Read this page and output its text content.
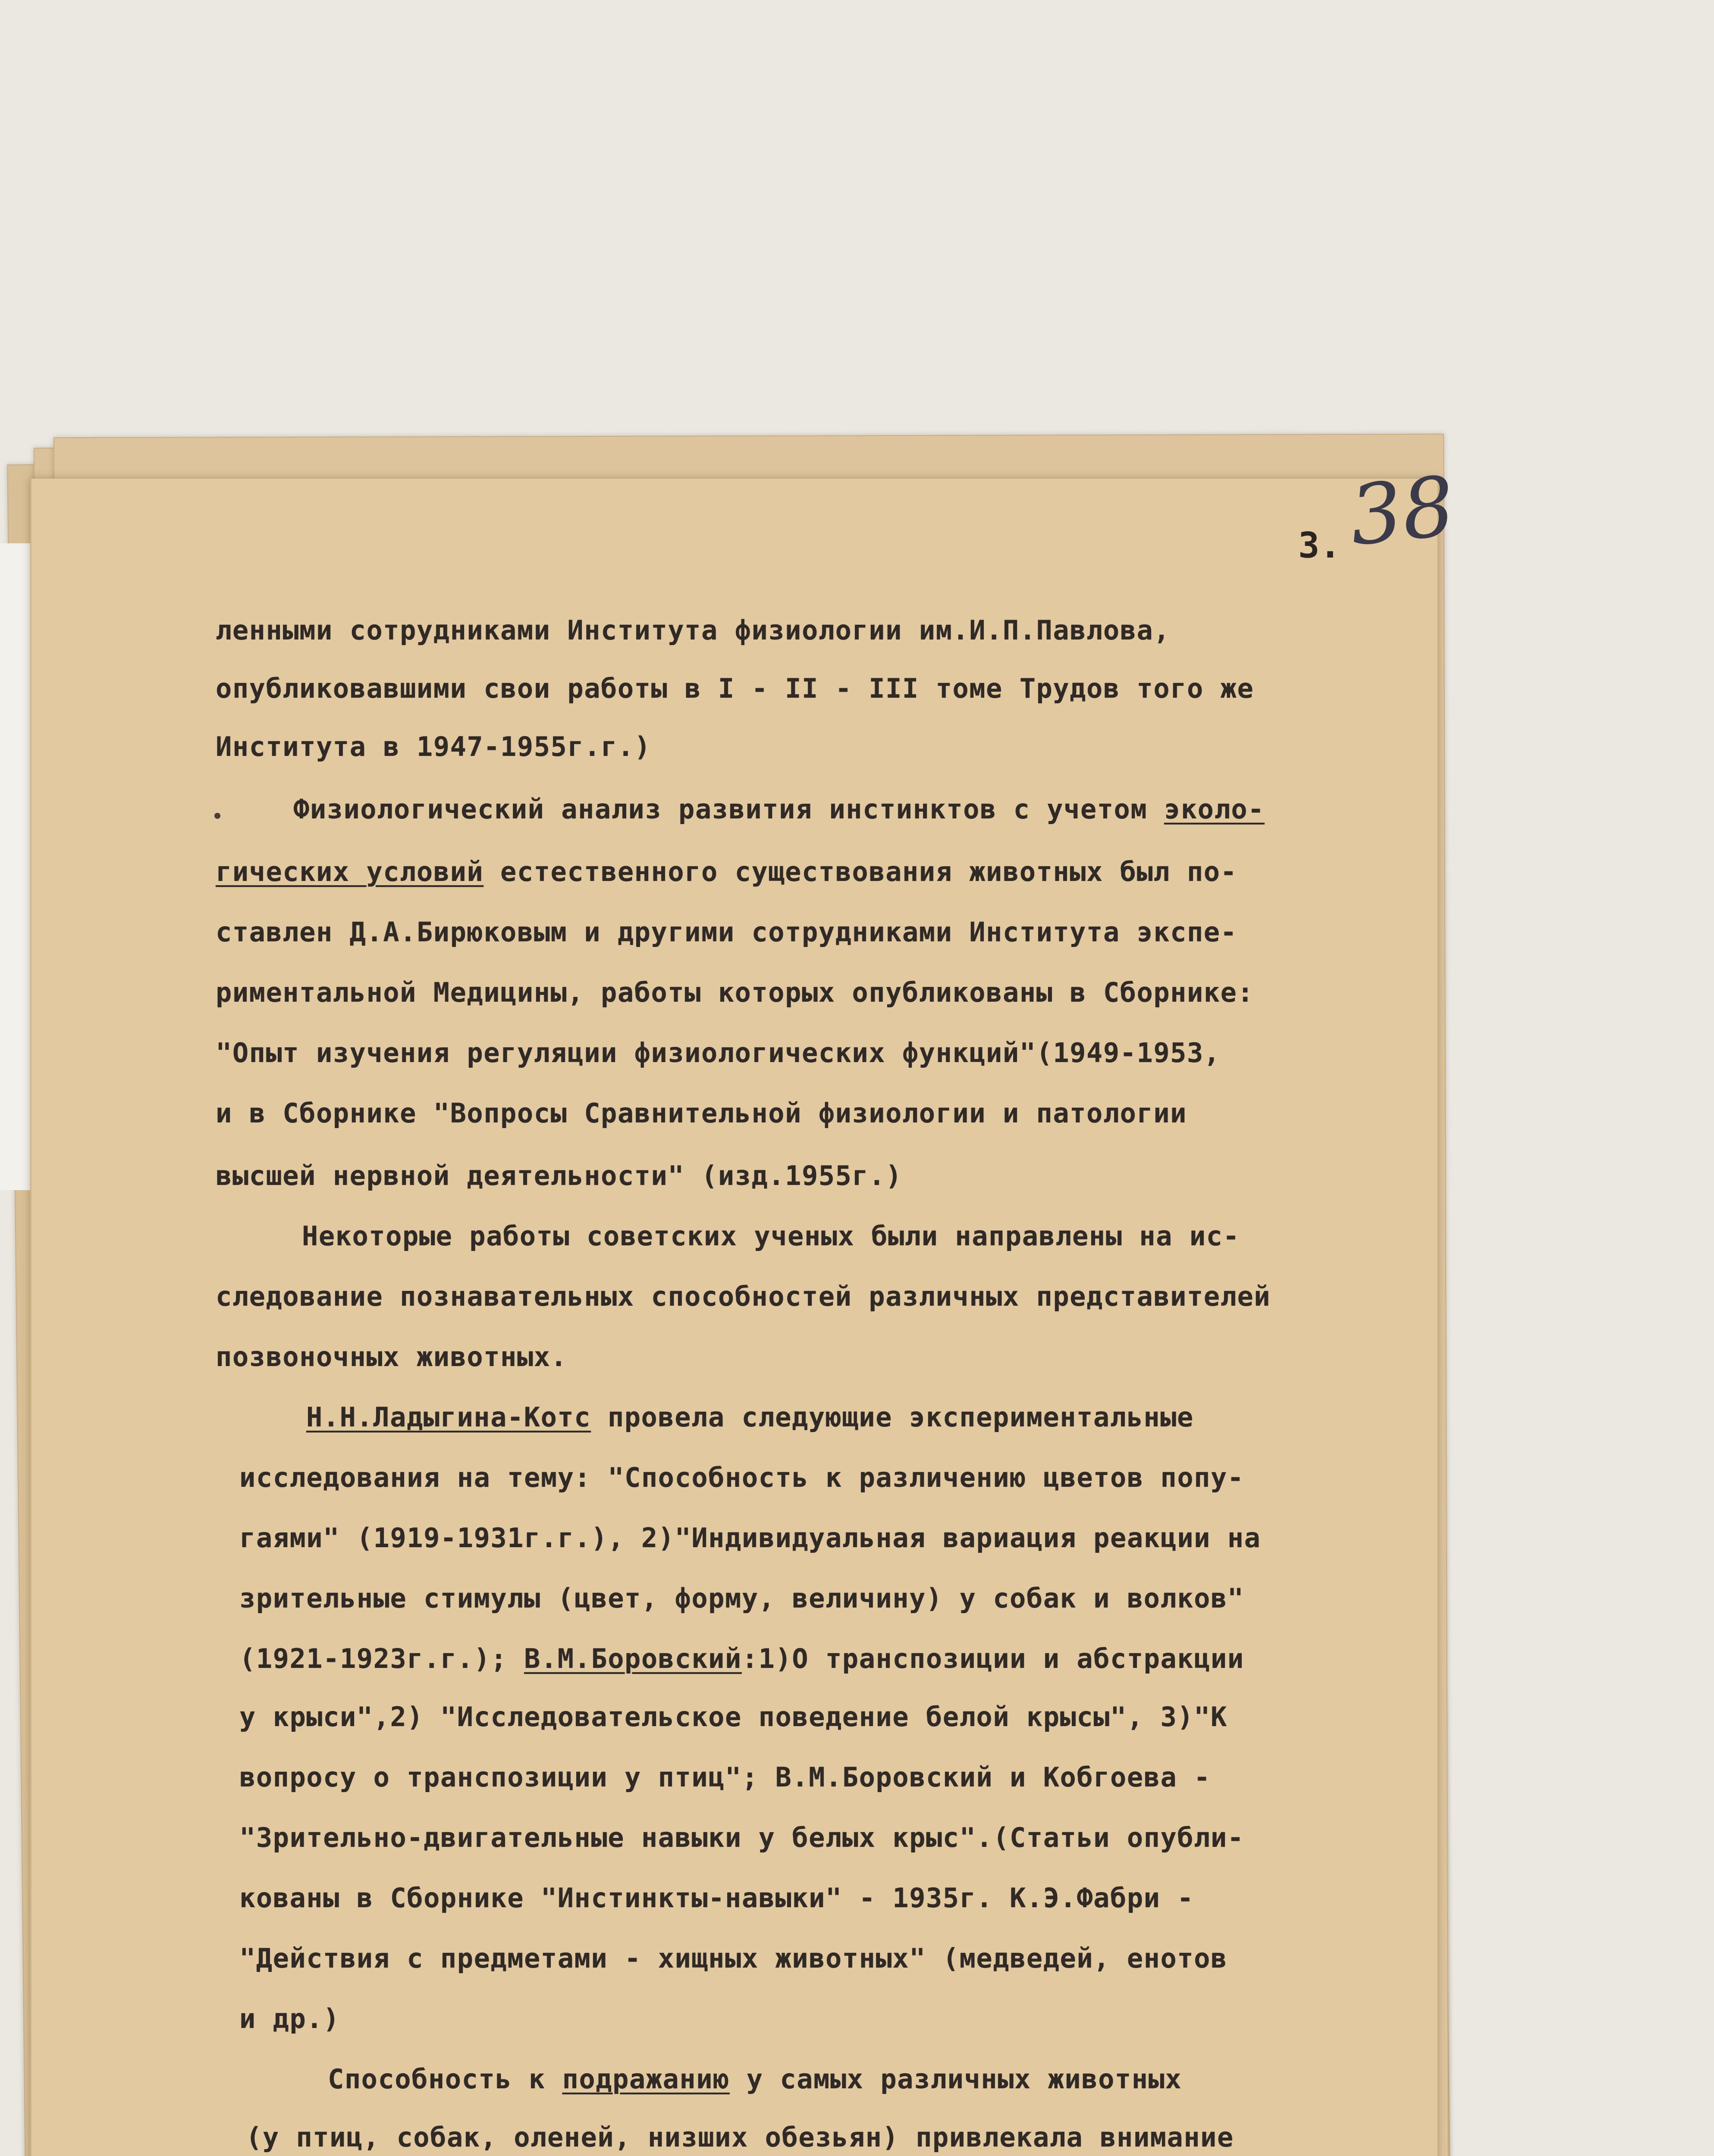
38
3.
ленными сотрудниками Института физиологии им.И.П.Павлова,
опубликовавшими свои работы в I - II - III томе Трудов того же
Института в 1947-1955г.г.)
Физиологический анализ развития инстинктов с учетом эколо-
гических условий естественного существования животных был по-
ставлен Д.А.Бирюковым и другими сотрудниками Института экспе-
риментальной Медицины, работы которых опубликованы в Сборнике:
"Опыт изучения регуляции физиологических функций"(1949-1953,
и в Сборнике "Вопросы Сравнительной физиологии и патологии
высшей нервной деятельности" (изд.1955г.)
Некоторые работы советских ученых были направлены на ис-
следование познавательных способностей различных представителей
позвоночных животных.
Н.Н.Ладыгина-Котс провела следующие экспериментальные
исследования на тему: "Способность к различению цветов попу-
гаями" (1919-1931г.г.), 2)"Индивидуальная вариация реакции на
зрительные стимулы (цвет, форму, величину) у собак и волков"
(1921-1923г.г.); В.М.Боровский:1)О транспозиции и абстракции
у крыси",2) "Исследовательское поведение белой крысы", 3)"К
вопросу о транспозиции у птиц"; В.М.Боровский и Кобгоева -
"Зрительно-двигательные навыки у белых крыс".(Статьи опубли-
кованы в Сборнике "Инстинкты-навыки" - 1935г. К.Э.Фабри -
"Действия с предметами - хищных животных" (медведей, енотов
и др.)
Способность к подражанию у самых различных животных
(у птиц, собак, оленей, низших обезьян) привлекала внимание
